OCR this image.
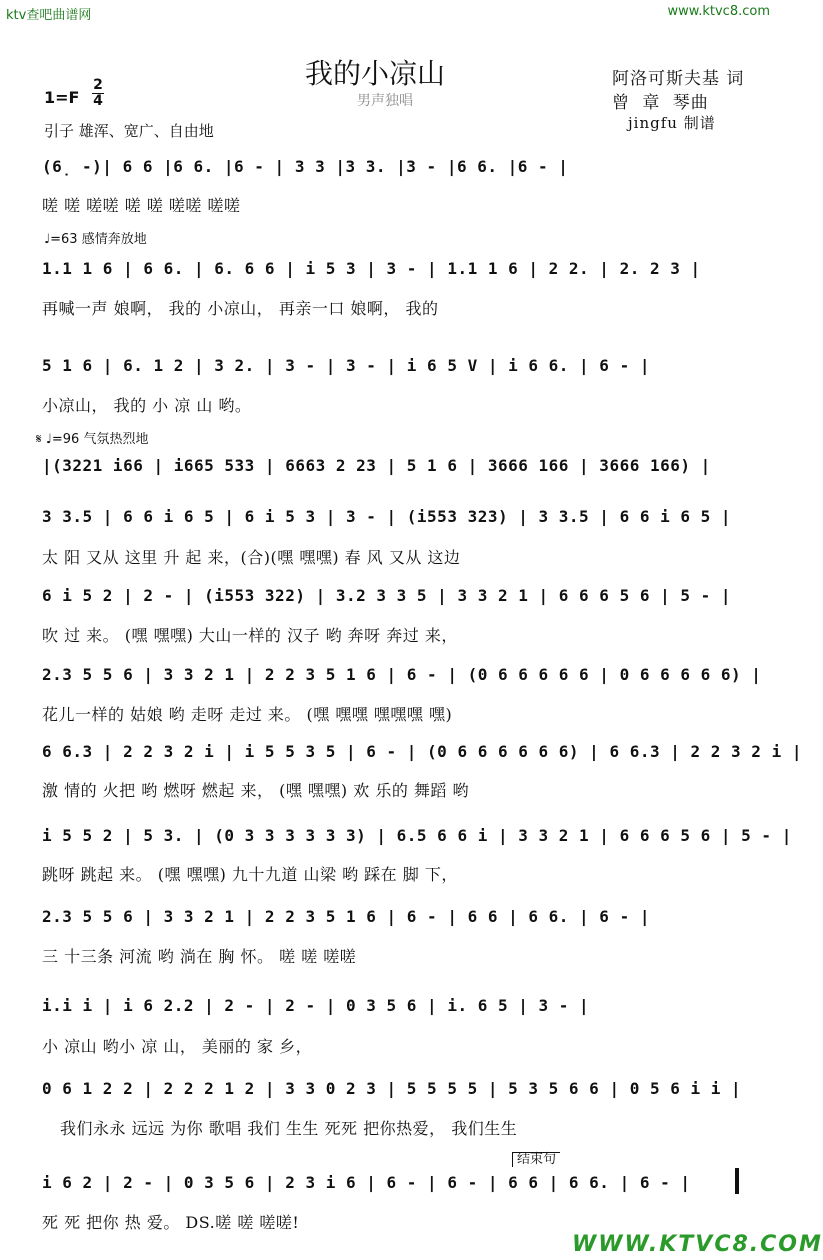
ktv查吧曲谱网	www.ktvc8.com
我的小凉山
男声独唱
阿洛可斯夫基 词
曾 章 琴曲
jingfu 制谱
1=F
2
4
引子 雄浑、宽广、自由地
♩=63 感情奔放地
𝄋 ♩=96 气氛热烈地
(6̣ -)| 6 6 |6 6. |6 - | 3 3 |3 3. |3 - |6 6. |6 - |
嗟 嗟 嗟嗟 嗟 嗟 嗟嗟 嗟嗟
1.1 1 6 | 6 6. | 6. 6 6 | i 5 3 | 3 - | 1.1 1 6 | 2 2. | 2. 2 3 |
再喊一声 娘啊， 我的 小凉山， 再亲一口 娘啊， 我的
5 1 6 | 6. 1 2 | 3 2. | 3 - | 3 - | i 6 5 V | i 6 6. | 6 - |
小凉山， 我的 小 凉 山 哟。
|(3221 i66 | i665 533 | 6663 2 23 | 5 1 6 | 3666 166 | 3666 166) |
3 3.5 | 6 6 i 6 5 | 6 i 5 3 | 3 - | (i553 323) | 3 3.5 | 6 6 i 6 5 |
太 阳 又从 这里 升 起 来，(合)(嘿 嘿嘿) 春 风 又从 这边
6 i 5 2 | 2 - | (i553 322) | 3.2 3 3 5 | 3 3 2 1 | 6 6 6 5 6 | 5 - |
吹 过 来。 (嘿 嘿嘿) 大山一样的 汉子 哟 奔呀 奔过 来，
2.3 5 5 6 | 3 3 2 1 | 2 2 3 5 1 6 | 6 - | (0 6 6 6 6 6 | 0 6 6 6 6 6) |
花儿一样的 姑娘 哟 走呀 走过 来。 (嘿 嘿嘿 嘿嘿嘿 嘿)
6 6.3 | 2 2 3 2 i | i 5 5 3 5 | 6 - | (0 6 6 6 6 6 6) | 6 6.3 | 2 2 3 2 i |
激 情的 火把 哟 燃呀 燃起 来， (嘿 嘿嘿) 欢 乐的 舞蹈 哟
i 5 5 2 | 5 3. | (0 3 3 3 3 3 3) | 6.5 6 6 i | 3 3 2 1 | 6 6 6 5 6 | 5 - |
跳呀 跳起 来。 (嘿 嘿嘿) 九十九道 山梁 哟 踩在 脚 下，
2.3 5 5 6 | 3 3 2 1 | 2 2 3 5 1 6 | 6 - | 6 6 | 6 6. | 6 - |
三 十三条 河流 哟 淌在 胸 怀。 嗟 嗟 嗟嗟
i.i i | i 6 2.2 | 2 - | 2 - | 0 3 5 6 | i. 6 5 | 3 - |
小 凉山 哟小 凉 山， 美丽的 家 乡，
0 6 1 2 2 | 2 2 2 1 2 | 3 3 0 2 3 | 5 5 5 5 | 5 3 5 6 6 | 0 5 6 i i |
我们永永 远远 为你 歌唱 我们 生生 死死 把你热爱， 我们生生
i 6 2 | 2 - | 0 3 5 6 | 2 3 i 6 | 6 - | 6 - | 6 6 | 6 6. | 6 - |
死 死 把你 热 爱。 DS.嗟 嗟 嗟嗟!
结束句
WWW.KTVC8.COM
